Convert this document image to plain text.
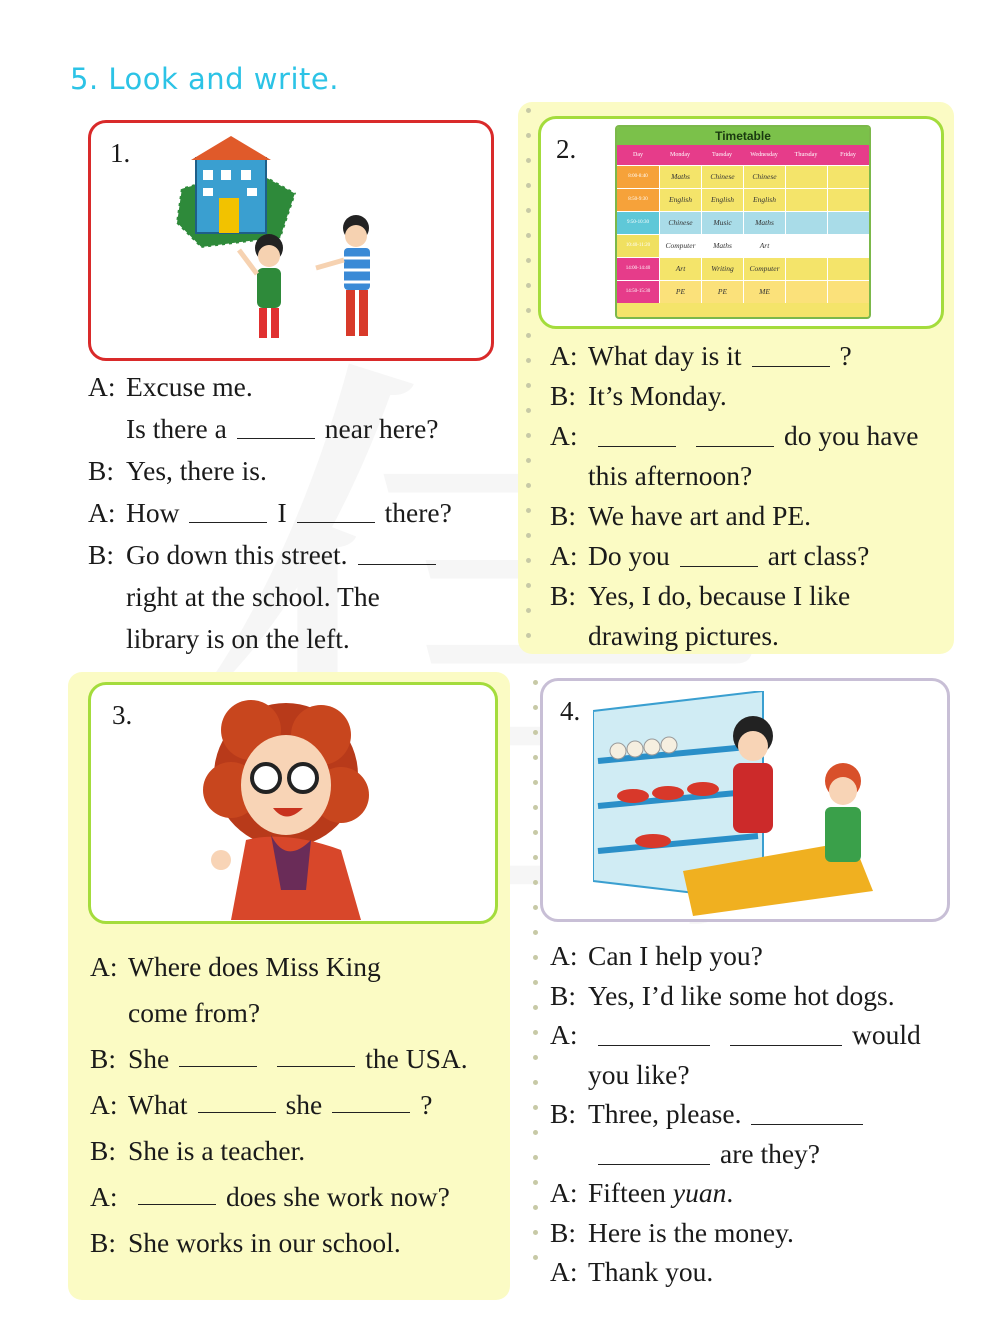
5. Look and write.
Timetable
Day	Monday	Tuesday	Wednesday	Thursday	Friday
8:00-8:40	Maths	Chinese	Chinese
8:50-9:30	English	English	English
9:50-10:30	Chinese	Music	Maths
10:40-11:20	Computer	Maths	Art
14:00-14:40	Art	Writing	Computer
14:50-15:30	PE	PE	ME
1.	2.
3.	4.
A: Excuse me.
Is there a	near here?
B: Yes, there is.
A: How	I	there?
B: Go down this street.
right at the school. The
library is on the left.
A: What day is it	?
B: It’s Monday.
A:	do you have
this afternoon?
B: We have art and PE.
A: Do you	art class?
B: Yes, I do, because I like
drawing pictures.
A: Where does Miss King
come from?
B: She	the USA.
A: What	she	?
B: She is a teacher.
A:	does she work now?
B: She works in our school.
A: Can I help you?
B: Yes, I’d like some hot dogs.
A:	would
you like?
B: Three, please.
are they?
A: Fifteen yuan .
B: Here is the money.
A: Thank you.
